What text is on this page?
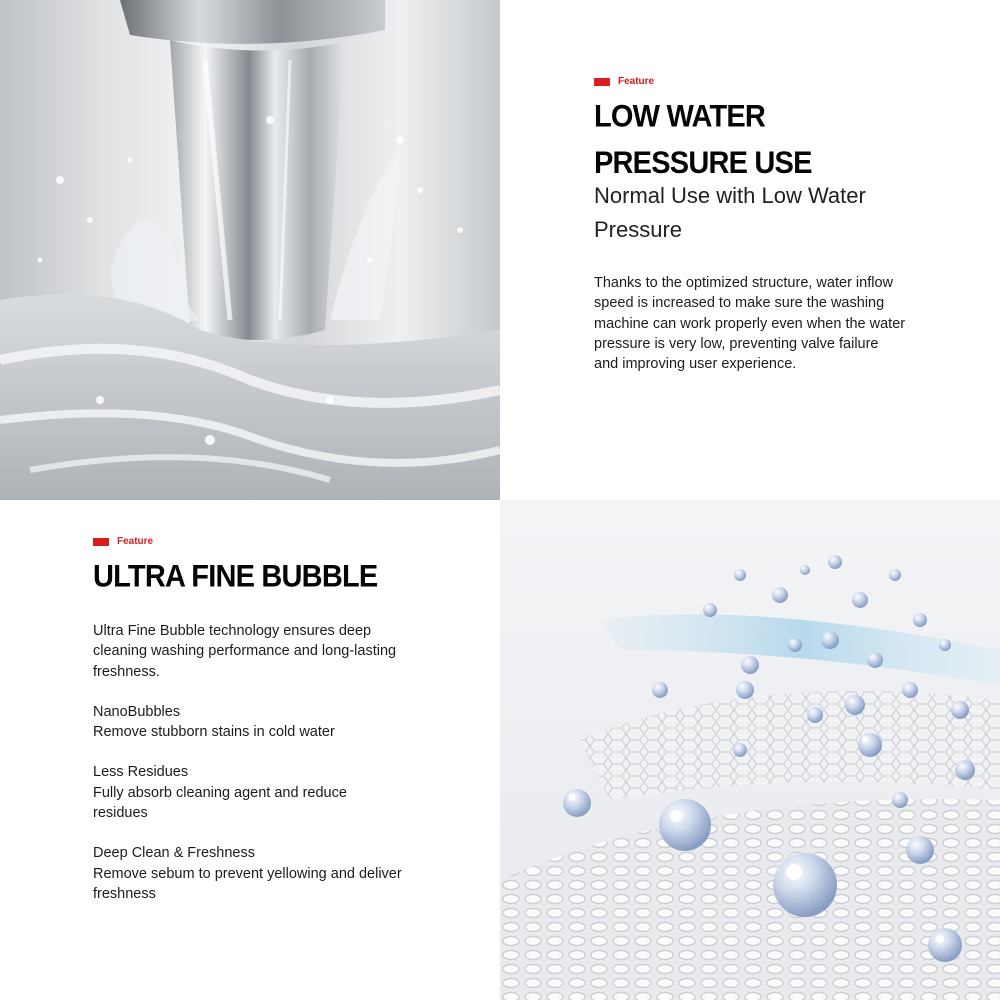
Feature
LOW WATER PRESSURE USE
Normal Use with Low Water Pressure

Thanks to the optimized structure, water inflow speed is increased to make sure the washing machine can work properly even when the water pressure is very low, preventing valve failure and improving user experience.

Feature
ULTRA FINE BUBBLE

Ultra Fine Bubble technology ensures deep cleaning washing performance and long-lasting freshness.

NanoBubbles

Remove stubborn stains in cold water

Less Residues

Fully absorb cleaning agent and reduce residues

Deep Clean & Freshness

Remove sebum to prevent yellowing and deliver freshness
